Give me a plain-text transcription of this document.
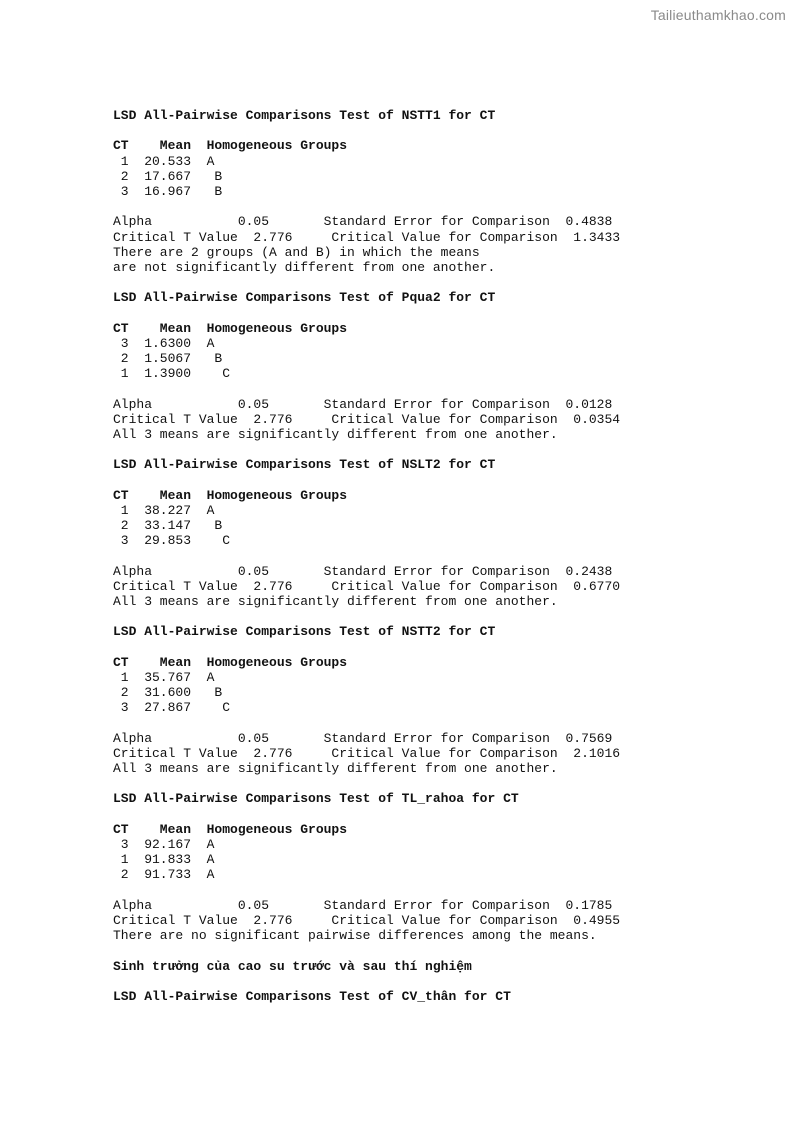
Tailieuthamkhao.com
LSD All-Pairwise Comparisons Test of NSTT1 for CT
CT    Mean  Homogeneous Groups
1  20.533  A
2  17.667   B
3  16.967   B
Alpha           0.05       Standard Error for Comparison  0.4838
Critical T Value  2.776     Critical Value for Comparison  1.3433
There are 2 groups (A and B) in which the means
are not significantly different from one another.
LSD All-Pairwise Comparisons Test of Pqua2 for CT
CT    Mean  Homogeneous Groups
3  1.6300  A
2  1.5067   B
1  1.3900    C
Alpha           0.05       Standard Error for Comparison  0.0128
Critical T Value  2.776     Critical Value for Comparison  0.0354
All 3 means are significantly different from one another.
LSD All-Pairwise Comparisons Test of NSLT2 for CT
CT    Mean  Homogeneous Groups
1  38.227  A
2  33.147   B
3  29.853    C
Alpha           0.05       Standard Error for Comparison  0.2438
Critical T Value  2.776     Critical Value for Comparison  0.6770
All 3 means are significantly different from one another.
LSD All-Pairwise Comparisons Test of NSTT2 for CT
CT    Mean  Homogeneous Groups
1  35.767  A
2  31.600   B
3  27.867    C
Alpha           0.05       Standard Error for Comparison  0.7569
Critical T Value  2.776     Critical Value for Comparison  2.1016
All 3 means are significantly different from one another.
LSD All-Pairwise Comparisons Test of TL_rahoa for CT
CT    Mean  Homogeneous Groups
3  92.167  A
1  91.833  A
2  91.733  A
Alpha           0.05       Standard Error for Comparison  0.1785
Critical T Value  2.776     Critical Value for Comparison  0.4955
There are no significant pairwise differences among the means.
Sinh trưởng của cao su trước và sau thí nghiệm
LSD All-Pairwise Comparisons Test of CV_thân for CT
